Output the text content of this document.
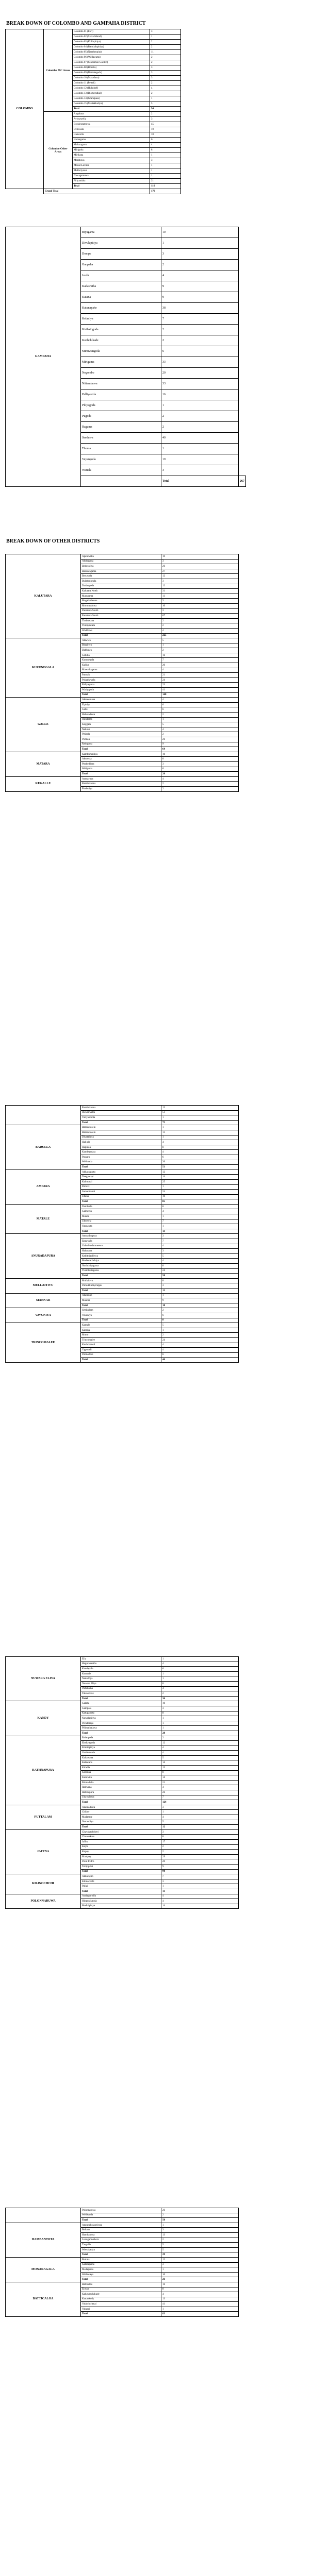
BREAK DOWN OF COLOMBO AND GAMPAHA DISTRICT
COLOMBO	Colombo MC Areas	Colombo 01 (Fort)	3
		Colombo 02 (Slave Island)	1
		Colombo 03 (Kollupitiya)	2
		Colombo 04 (Bambalapitiya)	2
		Colombo 05 (Narahenpita)	11
		Colombo 06 (Wellawatta)	2
		Colombo 07 (Cinnamon Garden)	2
		Colombo 08 (Borella)	3
		Colombo 09 (Dematagoda)	3
		Colombo 10 (Maradana)	3
		Colombo 11 (Pettah)	2
		Colombo 12 (Hulsdorf)	4
		Colombo 13 (Blomendhal)	2
		Colombo 14 (Grandpass)	1
		Colombo 15 (Mattakkuliya)	5
		Total	54
	Colombo Other Areas	Angulana	2
		Avissawella	3
		Boralesgamuwa	45
		Dehiwala	10
		Hanwella	10
		Homagama	6
		Maharagama	4
		Mirigoda	8
		Mirihana	1
		Moratuwa	3
		Mount Lavinia	1
		Mulleriyawa	1
		Nawagamuwa	1
		Piliyandala	21
		Total	116
	Grand Total		170
GAMPAHA	Biyagama	10	
	Divulapitiya	1	
	Dompe	3	
	Ganpaha	2	
	Ja ela	4	
	Kadawatha	9	
	Katana	9	
	Katunayake	38	
	Kelaniya	7	
	Kiribathgoda	2	
	Kochchikade	2	
	Minuwangoda	6	
	Mirigama	33	
	Negombo	20	
	Nittambuwa	33	
	Palliyawila	16	
	Piliyagoda	1	
	Pugoda	2	
	Ragama	2	
	Seeduwa	40	
	Thoma	1	
	Veyangoda	19	
	Wattala	3	
		Total	267
BREAK DOWN OF OTHER DISTRICTS
KALUTARA	Agalawatta	10
	Aluthgama	3
	Beduwelya	26
	Bandaragama	27
	Beruwala	12
	Bulathsinhala	3
	Dodangoda	12
	Kalutara North	31
	Matugama	11
	Megahathenna	3
	Morontuduwa	10
	Panadura South	3
	Panadura South	67
	Thebuwana	2
	Thiniyawala	2
	Waddowa	4
	Total	225
KURUNEGALA	Alawwa	5
	Bingiriya	1
	Dabbawa	2
	Getulla	16
	Kurunegala	7
	Kuliya	20
	Mawathagama	4
	Pannala	21
	Polgahawela	24
	Ridiyagama	23
	Wariyapola	41
	Total	140
GALLE	Akmeemana	4
	Elpitiya	6
	Galle	6
	Habaraduwa	2
	Hinidama	1
	Koggala	5
	Neluwa	4
	Pitigala	2
	Poddala	26
	Rathgama	9
	Total	64
MATARA	Kamburupitiya	10
	Akuressa	8
	Pitabeddara	3
	Weligama	6
	Total	20
KEGALLE	Aranayaka	4
	Rambukkana	2
	Pindeniya	2
	Rambukkana	13
	Ruwanwella	51
	Yatiyanthota	1
	Total	72
BADULLA	Bandarawela	1
	Bandarawela	11
	Diyatalawa	1
	Hali ela	4
	Haputale	8
	Kandegedara	4
	Passara	6
	Welimada	26
	Total	51
AMPARA	Akkaraipattu	12
	Deegawapi	14
	Kalmunai	25
	Pottuvil	1
	Samanthurai	24
	Uhana	10
	Total	85
MATALE	Dambulla	8
	Galewela	4
	Matale	1
	Ukuwela	7
	Yatawatta	1
	Total	13
ANURADAPURA	Anuradhapura	3
	Eppawala	7
	Galenbindunuwewa	4
	Habarana	3
	Kebithigollewa	5
	Medawachchiya	4
	Nochchiyagama	8
	Thambuttegama	24
	Total	58
MULLAITIVU	Mullaitivu	8
	Puthukkudiyiruppu	3
	Total	11
MANNAR	Adampan	1
	Mannar	9
	Total	10
VAVUNIYA	Settikulam	2
	Vavuniya	6
	Total	8
TRINCOMALEE	Kantale	5
	Kinniya	1
	Mutur	2
	Trincomalee	24
	Kuchchaveli	4
	Uppuveli	4
	Pulmoddai	6
	Total	46
NUWARA ELIYA	Ella	1
	Hagurankatha	4
	Kandapola	6
	Kotmale	1
	Nanu Oya	1
	Nuwara Eliya	8
	Padukama	4
	Talawakele	2
	Total	36
KANDY	Galaha	10
	Gampola	3
	Katugastota	8
	Nawalapitiya	1
	Peradeniya	1
	Pilimathalawa	1
	Total	28
RATHNAPURA	Balangoda	2
	Eheliyagoda	12
	Embilipitiya	4
	Godakawela	4
	Kahawatta	5
	Kalawana	14
	Kiriella	13
	Kolonna	8
	Kuruwita	14
	Pelmadulla	21
	Rakwana	4
	Rathnapura	26
	Udawalawa	7
	Total	124
PUTTALAM	Anamaduwa	3
	Chilaw	1
	Madampe	4
	Nattandiya	5
	Total	12
JAFFNA	Chavakachcheri	3
	Chunnakam	8
	Jaffna	17
	Kayts	2
	Kopay	2
	Manipay	29
	Point Pedro	20
	Tellippalai	9
	Total	90
KILINOCHCHI	Akkarayan	7
	Kilinochchi	3
	Pallai	1
	Total	11
POLONNARUWA	Aralaganwila	4
	Hingurakgoda	4
	Medirigiriya	14
	Polonnaruwa	26
	Welikanda	2
	Total	50
HAMBANTOTA	Angunakolapelessa	1
	Beliatta	3
	Hambantota	13
	Lunugamvehera	2
	Tangalle	5
	Weerakatiya	5
	Total	29
MONARAGALA	Buttala	12
	Kataragama	3
	Medagama	1
	Wellawaya	10
	Total	26
BATTICALOA	Batticaloa	16
	Eravur	8
	Kaluwanchikudy	4
	Kattankudy	13
	Valaichchenai	41
	Vakarai	1
	Total	83
